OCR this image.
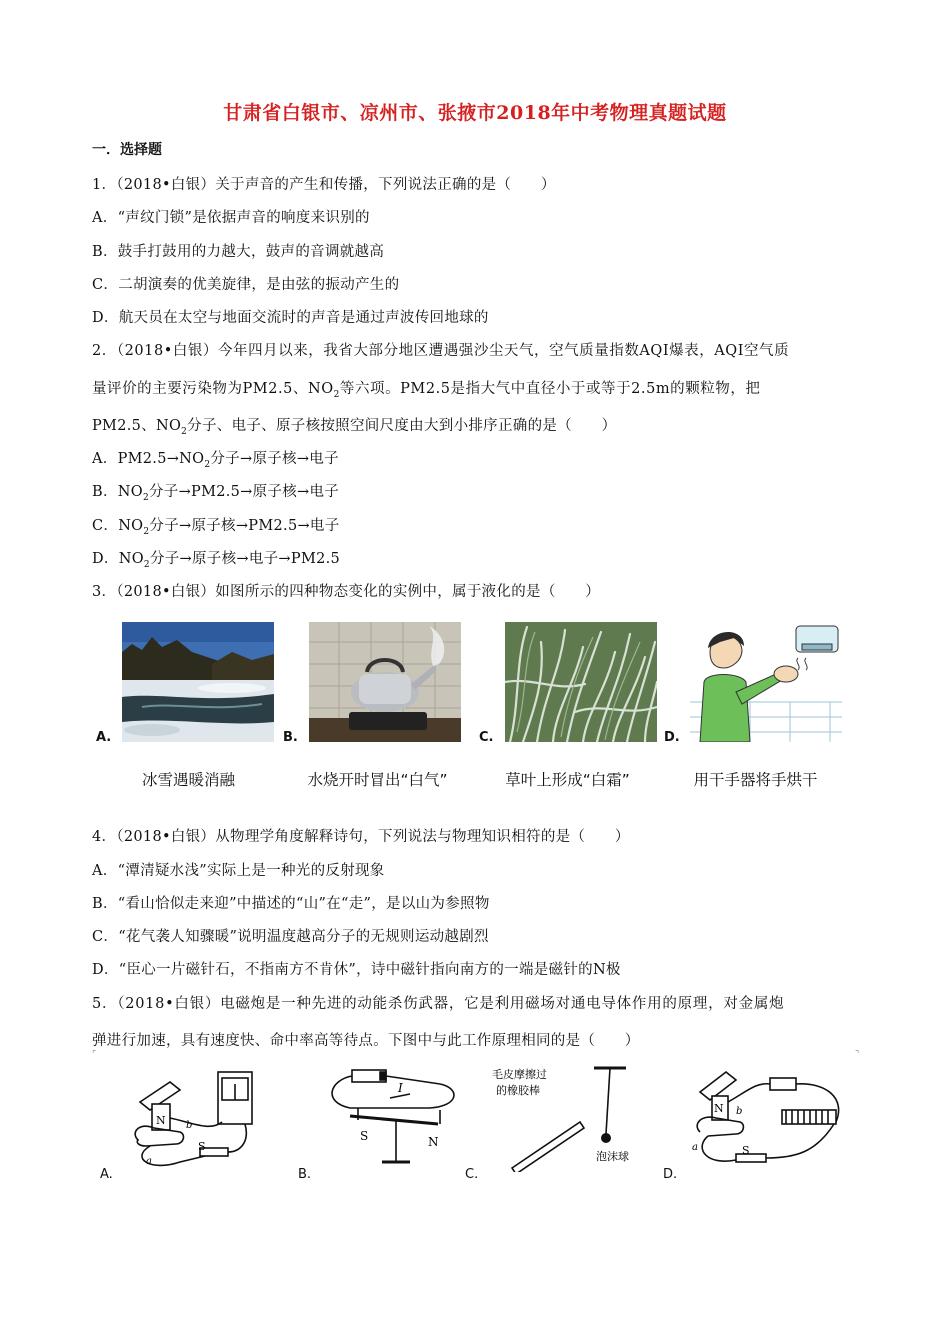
甘肃省白银市、凉州市、张掖市2018年中考物理真题试题
一．选择题
1．（2018•白银）关于声音的产生和传播，下列说法正确的是（　　）
A．“声纹门锁”是依据声音的响度来识别的
B．鼓手打鼓用的力越大，鼓声的音调就越高
C．二胡演奏的优美旋律，是由弦的振动产生的
D．航天员在太空与地面交流时的声音是通过声波传回地球的
2．（2018•白银）今年四月以来，我省大部分地区遭遇强沙尘天气，空气质量指数AQI爆表，AQI空气质
量评价的主要污染物为PM2.5、$NO_2$等六项。PM2.5是指大气中直径小于或等于2.5m的颗粒物，把
PM2.5、$NO_2$分子、电子、原子核按照空间尺度由大到小排序正确的是（　　）
A．$PM2.5\to NO_2$分子→原子核→电子
B．$NO_2$分子→PM2.5→原子核→电子
C．$NO_2$分子→原子核→PM2.5→电子
D．$NO_2$分子→原子核→电子→PM2.5
3．（2018•白银）如图所示的四种物态变化的实例中，属于液化的是（　　）
A.	B.	C.	D.
冰雪遇暖消融	水烧开时冒出“白气”	草叶上形成“白霜”	用干手器将手烘干
4．（2018•白银）从物理学角度解释诗句，下列说法与物理知识相符的是（　　）
A．“潭清疑水浅”实际上是一种光的反射现象
B．“看山恰似走来迎”中描述的“山”在“走”，是以山为参照物
C．“花气袭人知骤暖”说明温度越高分子的无规则运动越剧烈
D．“臣心一片磁针石，不指南方不肯休”，诗中磁针指向南方的一端是磁针的N极
5．（2018•白银）电磁炮是一种先进的动能杀伤武器，它是利用磁场对通电导体作用的原理，对金属炮
弹进行加速，具有速度快、命中率高等待点。下图中与此工作原理相同的是（　　）
⌜	⌝
N
S
a
b
I
S	N
毛皮摩擦过
的橡胶棒
泡沫球
N
S
a
b
A.	B.	C.	D.
